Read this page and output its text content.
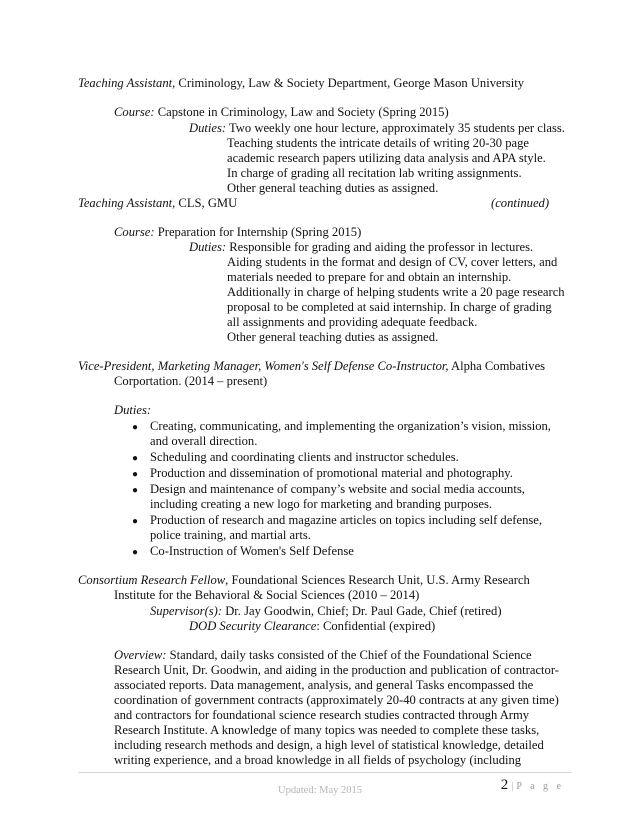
Teaching Assistant, Criminology, Law & Society Department, George Mason University
Course: Capstone in Criminology, Law and Society (Spring 2015)
Duties: Two weekly one hour lecture, approximately 35 students per class.
Teaching students the intricate details of writing 20-30 page
academic research papers utilizing data analysis and APA style.
In charge of grading all recitation lab writing assignments.
Other general teaching duties as assigned.
Teaching Assistant, CLS, GMU	(continued)
Course: Preparation for Internship (Spring 2015)
Duties: Responsible for grading and aiding the professor in lectures.
Aiding students in the format and design of CV, cover letters, and
materials needed to prepare for and obtain an internship.
Additionally in charge of helping students write a 20 page research
proposal to be completed at said internship. In charge of grading
all assignments and providing adequate feedback.
Other general teaching duties as assigned.
Vice-President, Marketing Manager, Women's Self Defense Co-Instructor, Alpha Combatives
Corportation. (2014 – present)
Duties:
● Creating, communicating, and implementing the organization’s vision, mission,
and overall direction.
● Scheduling and coordinating clients and instructor schedules.
● Production and dissemination of promotional material and photography.
● Design and maintenance of company’s website and social media accounts,
including creating a new logo for marketing and branding purposes.
● Production of research and magazine articles on topics including self defense,
police training, and martial arts.
● Co-Instruction of Women's Self Defense
Consortium Research Fellow, Foundational Sciences Research Unit, U.S. Army Research
Institute for the Behavioral & Social Sciences (2010 – 2014)
Supervisor(s): Dr. Jay Goodwin, Chief; Dr. Paul Gade, Chief (retired)
DOD Security Clearance: Confidential (expired)
Overview: Standard, daily tasks consisted of the Chief of the Foundational Science
Research Unit, Dr. Goodwin, and aiding in the production and publication of contractor-
associated reports. Data management, analysis, and general Tasks encompassed the
coordination of government contracts (approximately 20-40 contracts at any given time)
and contractors for foundational science research studies contracted through Army
Research Institute. A knowledge of many topics was needed to complete these tasks,
including research methods and design, a high level of statistical knowledge, detailed
writing experience, and a broad knowledge in all fields of psychology (including
Updated: May 2015	2 | P a g e
